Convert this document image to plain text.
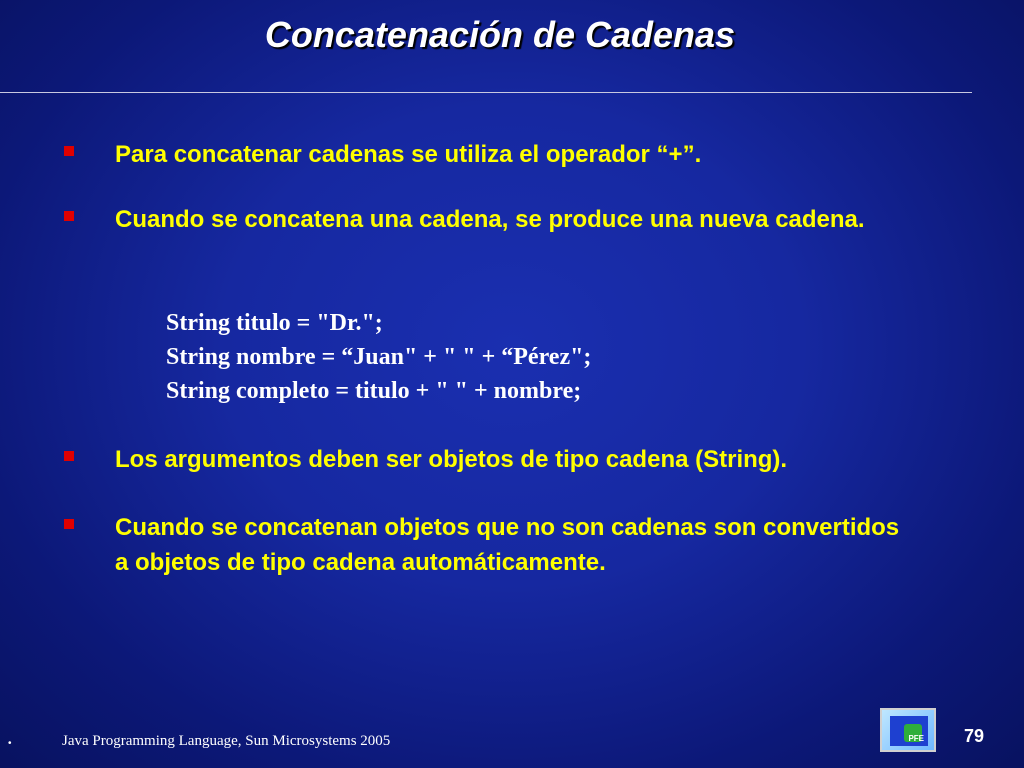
Concatenación de Cadenas
Para concatenar cadenas se utiliza el operador “+”.
Cuando se concatena una cadena, se produce una nueva cadena.
String titulo = "Dr.";
String nombre = “Juan" + " " + “Pérez";
String completo = titulo + " " + nombre;
Los argumentos deben ser objetos de tipo cadena (String).
Cuando se concatenan objetos que no son cadenas son convertidos a objetos de tipo cadena automáticamente.
•	Java Programming Language, Sun Microsystems 2005	PFE 79
